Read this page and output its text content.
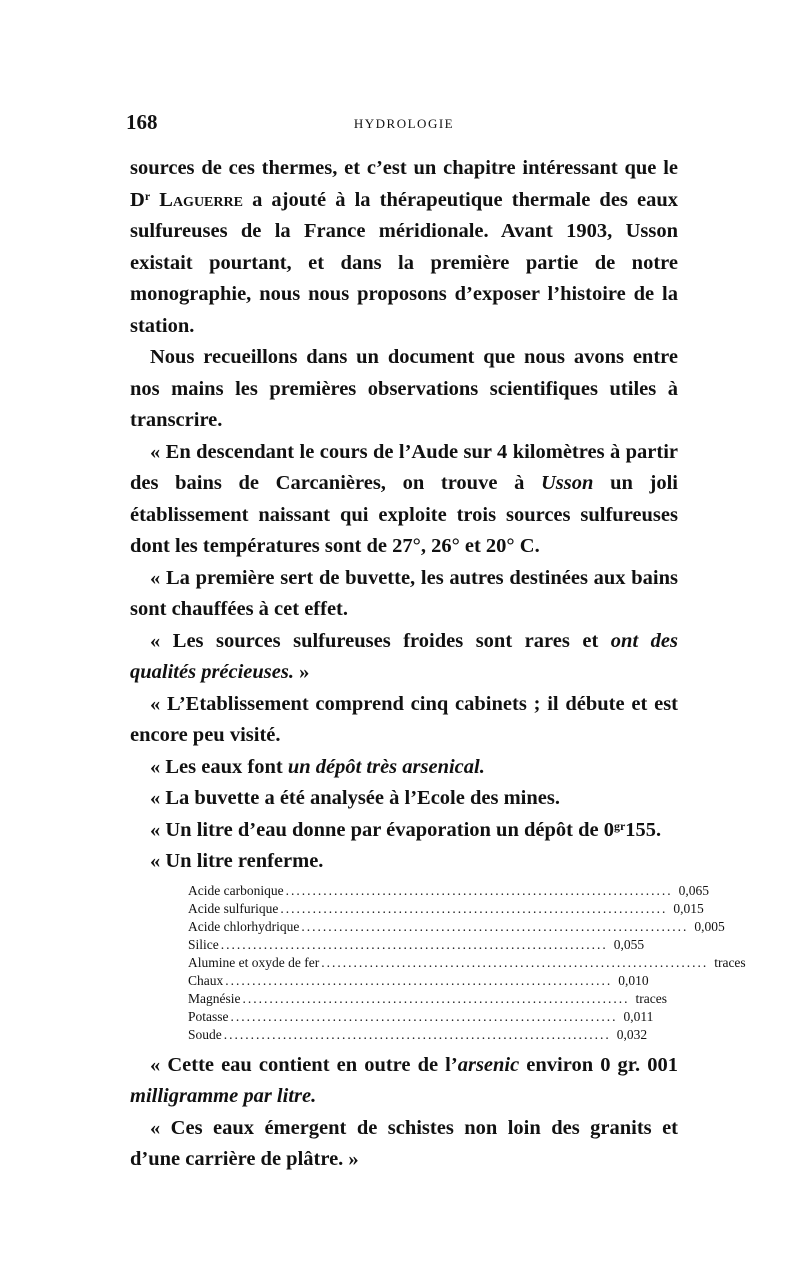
168	HYDROLOGIE

sources de ces thermes, et c’est un chapitre intéressant que le $D^r$ Laguerre a ajouté à la thérapeutique thermale des eaux sulfureuses de la France méridionale. Avant 1903, Usson existait pourtant, et dans la première partie de notre monographie, nous nous proposons d’exposer l’histoire de la station.

Nous recueillons dans un document que nous avons entre nos mains les premières observations scientifiques utiles à transcrire.

« En descendant le cours de l’Aude sur 4 kilomètres à partir des bains de Carcanières, on trouve à Usson un joli établissement naissant qui exploite trois sources sulfureuses dont les températures sont de 27°, 26° et 20° C.

« La première sert de buvette, les autres destinées aux bains sont chauffées à cet effet.

« Les sources sulfureuses froides sont rares et ont des qualités précieuses. »

« L’Etablissement comprend cinq cabinets ; il débute et est encore peu visité.

« Les eaux font un dépôt très arsenical.

« La buvette a été analysée à l’Ecole des mines.

« Un litre d’eau donne par évaporation un dépôt de $0^{gr}155$.

« Un litre renferme.

Acide carbonique ........................................................................ 0,065
Acide sulfurique ........................................................................ 0,015
Acide chlorhydrique ........................................................................ 0,005
Silice ........................................................................ 0,055
Alumine et oxyde de fer ........................................................................ traces
Chaux ........................................................................ 0,010
Magnésie ........................................................................ traces
Potasse ........................................................................ 0,011
Soude ........................................................................ 0,032

« Cette eau contient en outre de l’arsenic environ 0 gr. 001 milligramme par litre.

« Ces eaux émergent de schistes non loin des granits et d’une carrière de plâtre. »
